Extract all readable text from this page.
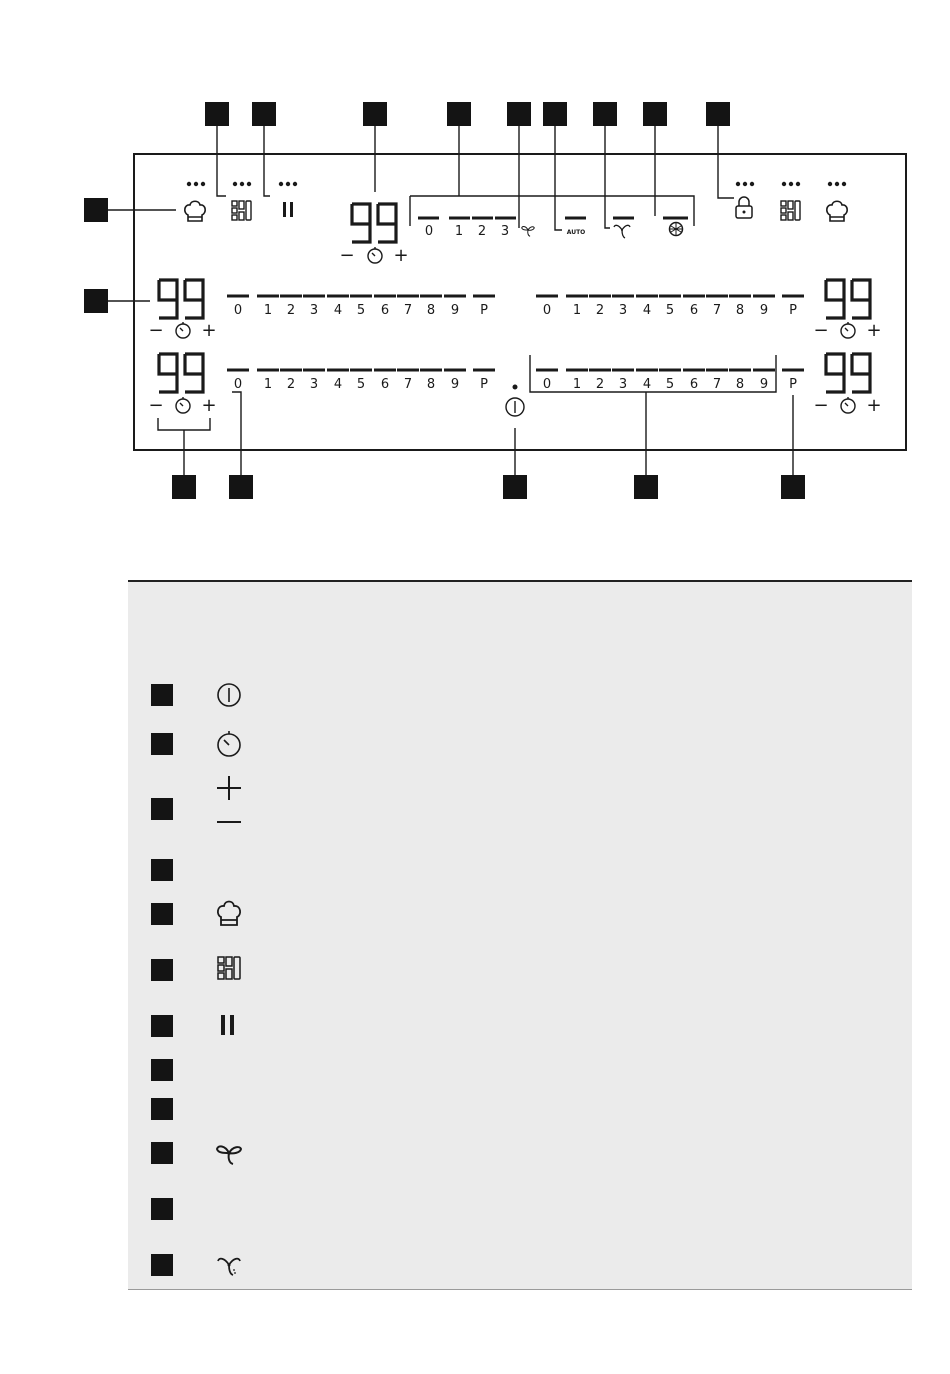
0 1 2 3	AUTO
− +
0 1 2 3 4 5 6 7 8 9 P
− +
0 1 2 3 4 5 6 7 8 9 P
− +
0 1 2 3 4 5 6 7 8 9 P
− +
0 1 2 3 4 5 6 7 8 9 P
− +
